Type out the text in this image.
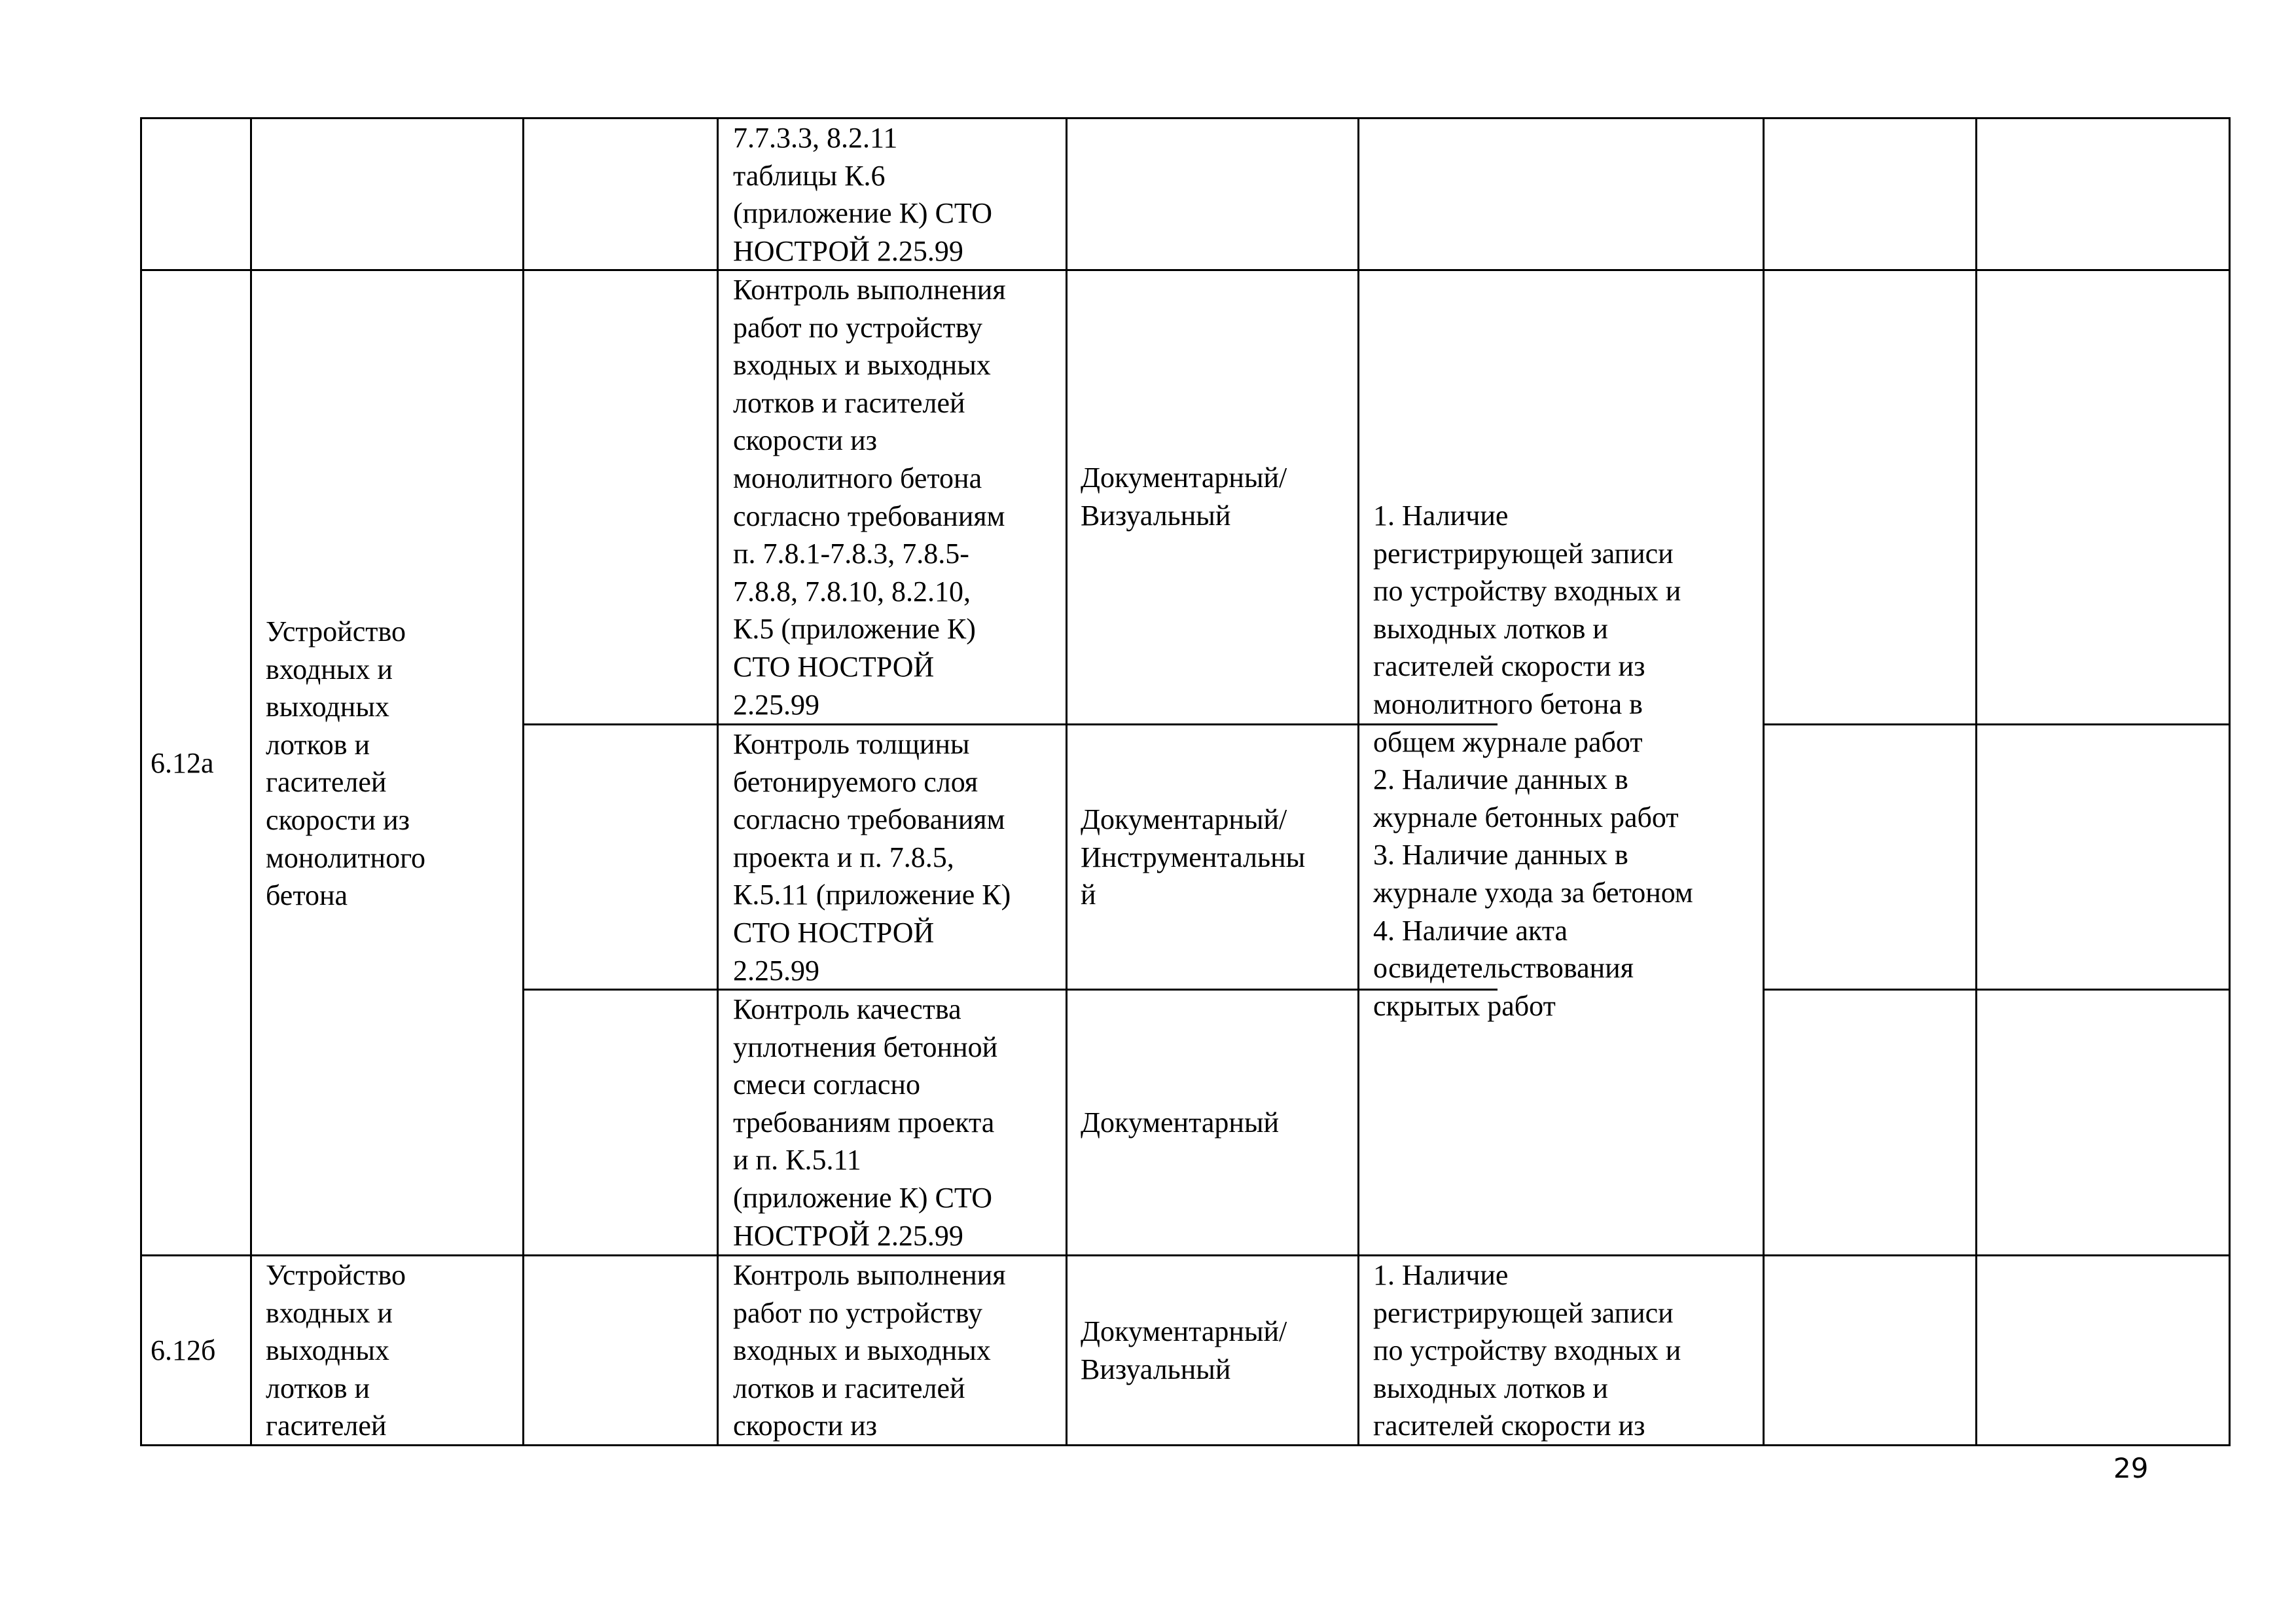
7.7.3.3, 8.2.11
таблицы К.6
(приложение К) СТО
НОСТРОЙ 2.25.99
6.12а
Устройство
входных и
выходных
лотков и
гасителей
скорости из
монолитного
бетона
Контроль выполнения
работ по устройству
входных и выходных
лотков и гасителей
скорости из
монолитного бетона
согласно требованиям
п. 7.8.1-7.8.3, 7.8.5-
7.8.8, 7.8.10, 8.2.10,
К.5 (приложение К)
СТО НОСТРОЙ
2.25.99
Документарный/
Визуальный
Контроль толщины
бетонируемого слоя
согласно требованиям
проекта и п. 7.8.5,
К.5.11 (приложение К)
СТО НОСТРОЙ
2.25.99
Документарный/
Инструментальны
й
Контроль качества
уплотнения бетонной
смеси согласно
требованиям проекта
и п. К.5.11
(приложение К) СТО
НОСТРОЙ 2.25.99
Документарный
1. Наличие
регистрирующей записи
по устройству входных и
выходных лотков и
гасителей скорости из
монолитного бетона в
общем журнале работ
2. Наличие данных в
журнале бетонных работ
3. Наличие данных в
журнале ухода за бетоном
4. Наличие акта
освидетельствования
скрытых работ
6.12б
Устройство
входных и
выходных
лотков и
гасителей
Контроль выполнения
работ по устройству
входных и выходных
лотков и гасителей
скорости из
Документарный/
Визуальный
1. Наличие
регистрирующей записи
по устройству входных и
выходных лотков и
гасителей скорости из
29
